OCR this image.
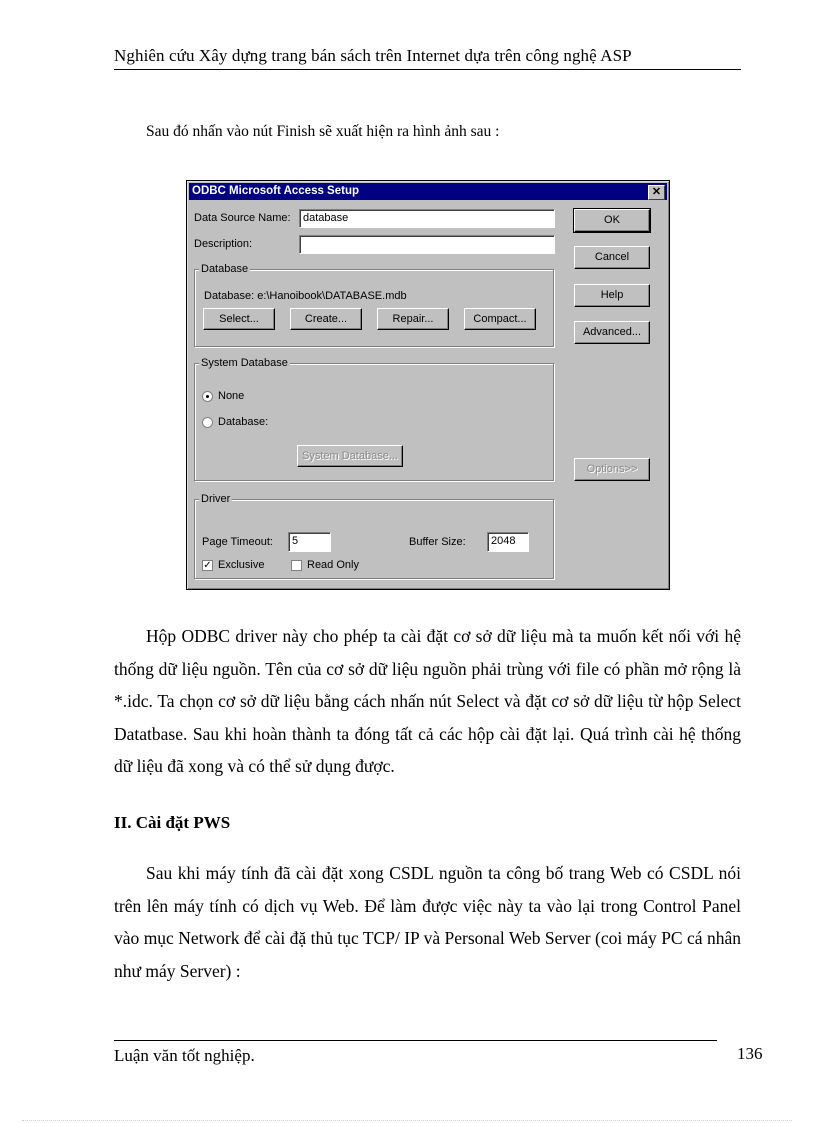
Nghiên cứu Xây dựng trang bán sách trên Internet dựa trên công nghệ ASP
Sau đó nhấn vào nút Finish sẽ xuất hiện ra hình ảnh sau :
ODBC Microsoft Access Setup	✕
Data Source Name:	database
Description:
Database
Database: e:\Hanoibook\DATABASE.mdb
Select...	Create...	Repair...	Compact...
System Database
None
Database:
System Database...
Driver
Page Timeout:	5	Buffer Size:	2048
✓ Exclusive	Read Only
OK
Cancel
Help
Advanced...
Options>>

Hộp ODBC driver này cho phép ta cài đặt cơ sở dữ liệu mà ta muốn kết nối với hệ thống dữ liệu nguồn. Tên của cơ sở dữ liệu nguồn phải trùng với file có phần mở rộng là *.idc. Ta chọn cơ sở dữ liệu bằng cách nhấn nút Select và đặt cơ sở dữ liệu từ hộp Select Datatbase. Sau khi hoàn thành ta đóng tất cả các hộp cài đặt lại. Quá trình cài hệ thống dữ liệu đã xong và có thể sử dụng được.

II. Cài đặt PWS

Sau khi máy tính đã cài đặt xong CSDL nguồn ta công bố trang Web có CSDL nói trên lên máy tính có dịch vụ Web. Để làm được việc này ta vào lại trong Control Panel vào mục Network để cài đặ thủ tục TCP/ IP và Personal Web Server (coi máy PC cá nhân như máy Server) :

Luận văn tốt nghiệp.	136
